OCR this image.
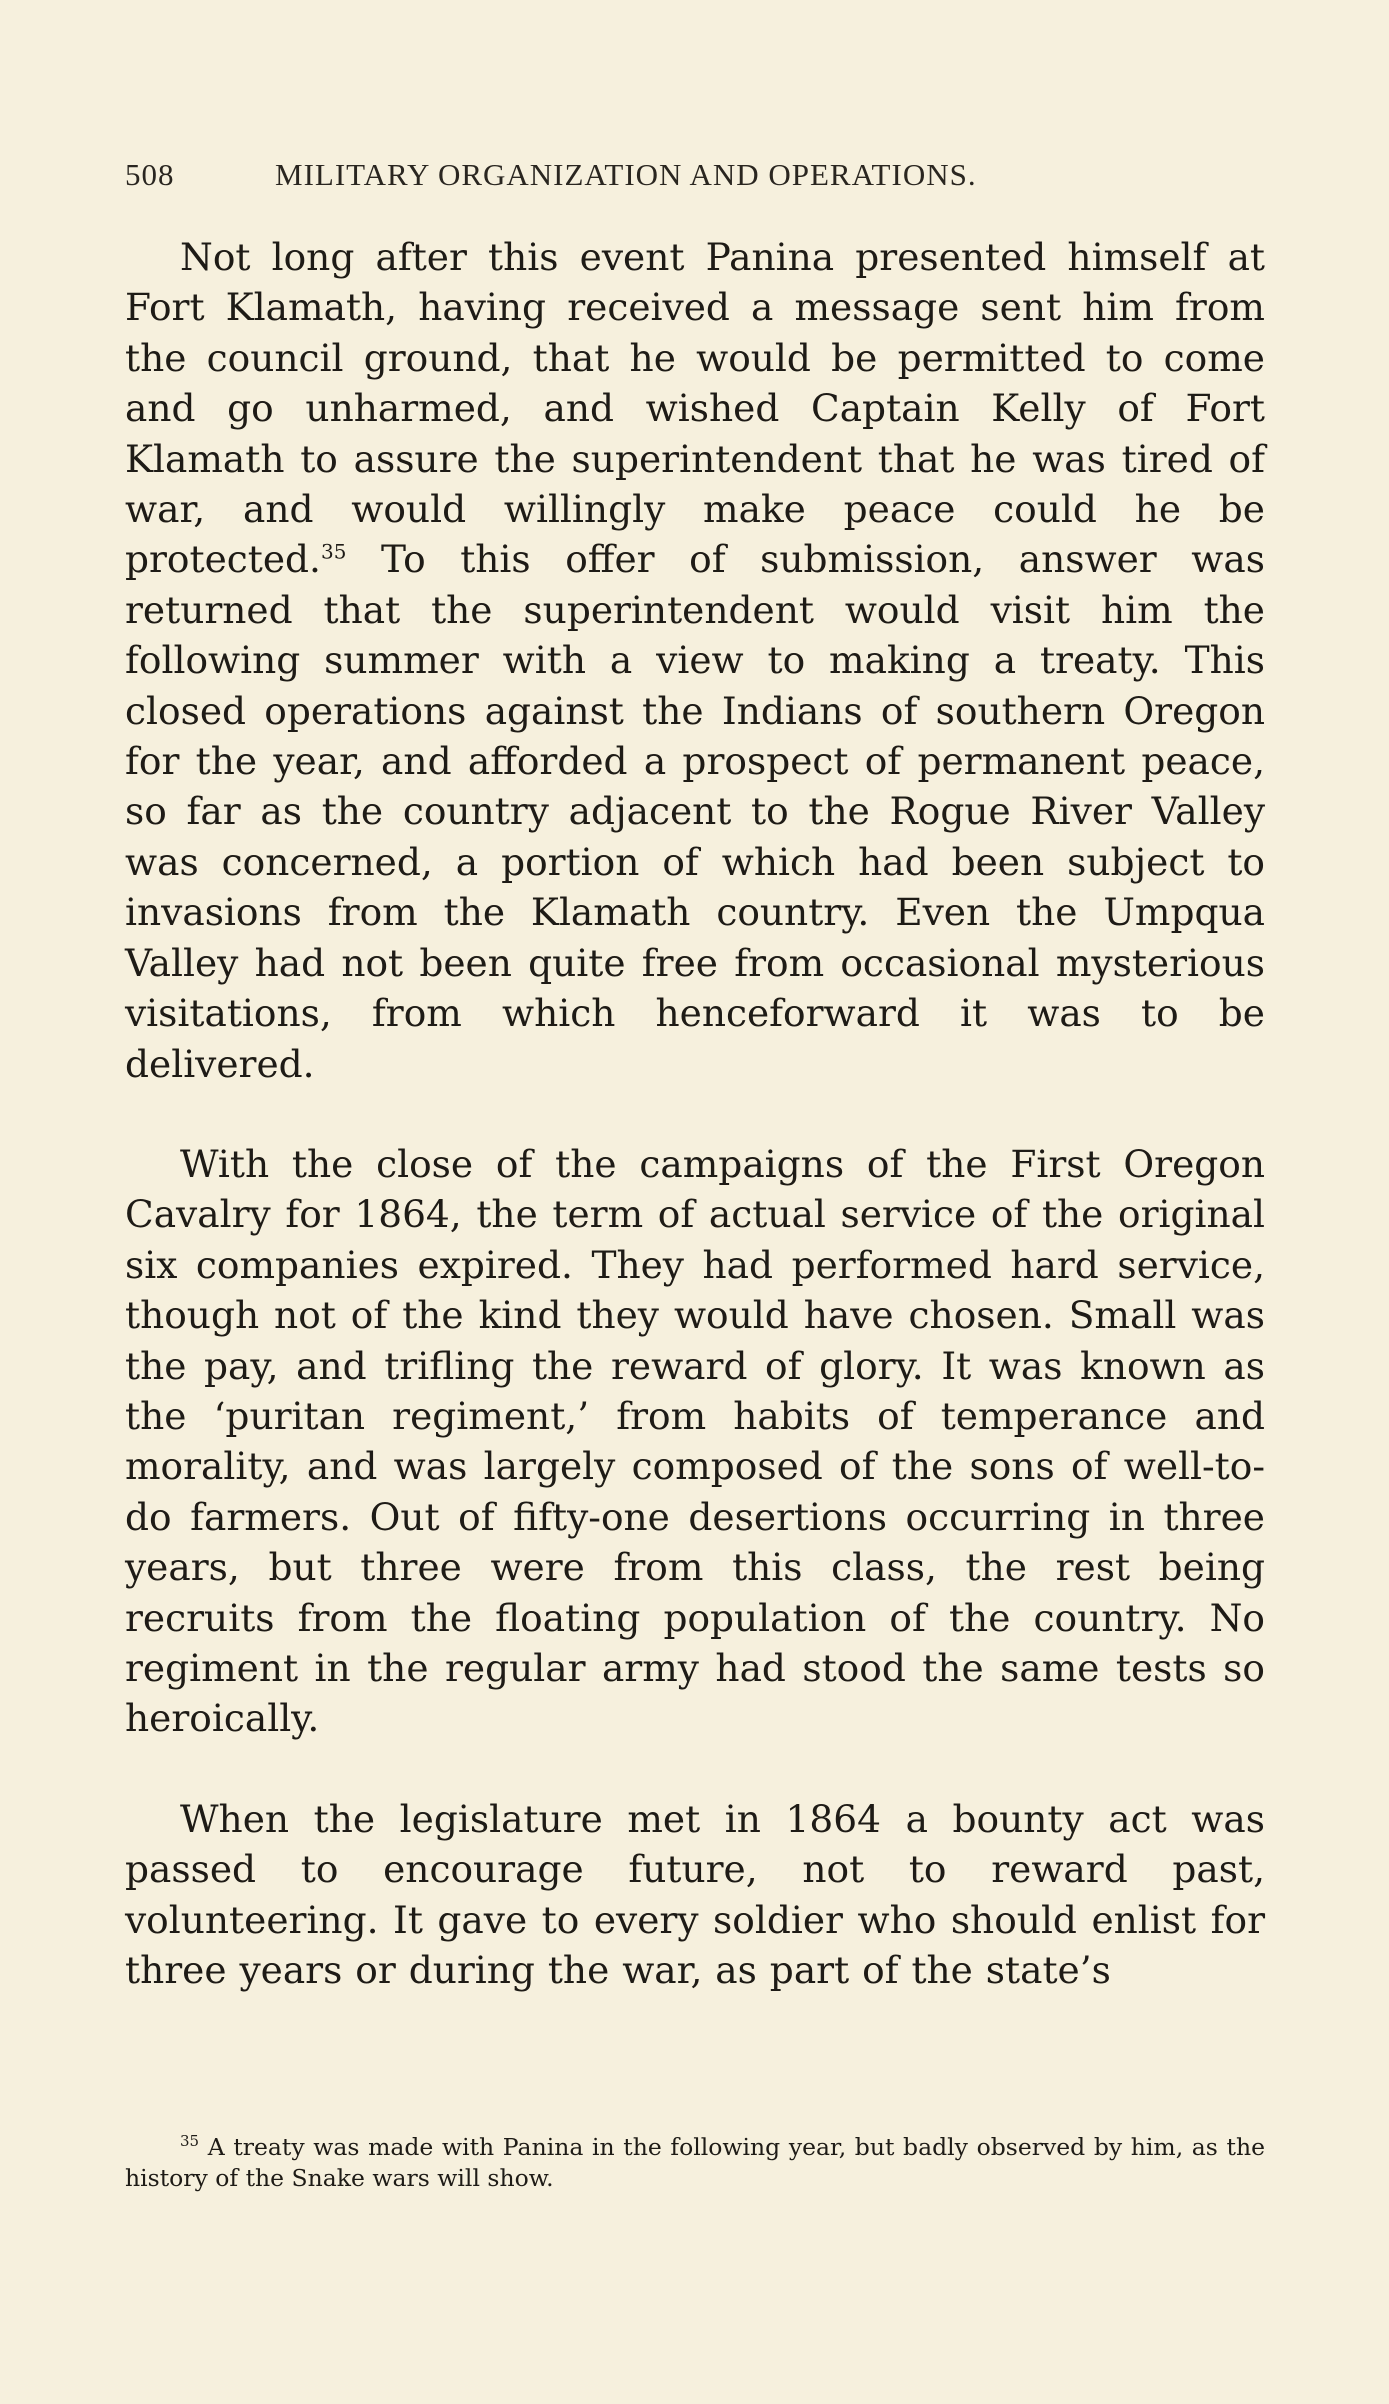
508	MILITARY ORGANIZATION AND OPERATIONS.

Not long after this event Panina presented himself at Fort Klamath, having received a message sent him from the council ground, that he would be permitted to come and go unharmed, and wished Captain Kelly of Fort Klamath to assure the superintendent that he was tired of war, and would willingly make peace could he be protected.$^{35}$ To this offer of submission, answer was returned that the superintendent would visit him the following summer with a view to making a treaty. This closed operations against the Indians of southern Oregon for the year, and afforded a prospect of permanent peace, so far as the country adjacent to the Rogue River Valley was concerned, a portion of which had been subject to invasions from the Klamath country. Even the Umpqua Valley had not been quite free from occasional mysterious visitations, from which henceforward it was to be delivered.

With the close of the campaigns of the First Oregon Cavalry for 1864, the term of actual service of the original six companies expired. They had performed hard service, though not of the kind they would have chosen. Small was the pay, and trifling the reward of glory. It was known as the ‘puritan regiment,’ from habits of temperance and morality, and was largely composed of the sons of well-to-do farmers. Out of fifty-one desertions occurring in three years, but three were from this class, the rest being recruits from the floating population of the country. No regiment in the regular army had stood the same tests so heroically.

When the legislature met in 1864 a bounty act was passed to encourage future, not to reward past, volunteering. It gave to every soldier who should enlist for three years or during the war, as part of the state’s

$^{35}$ A treaty was made with Panina in the following year, but badly observed by him, as the history of the Snake wars will show.
